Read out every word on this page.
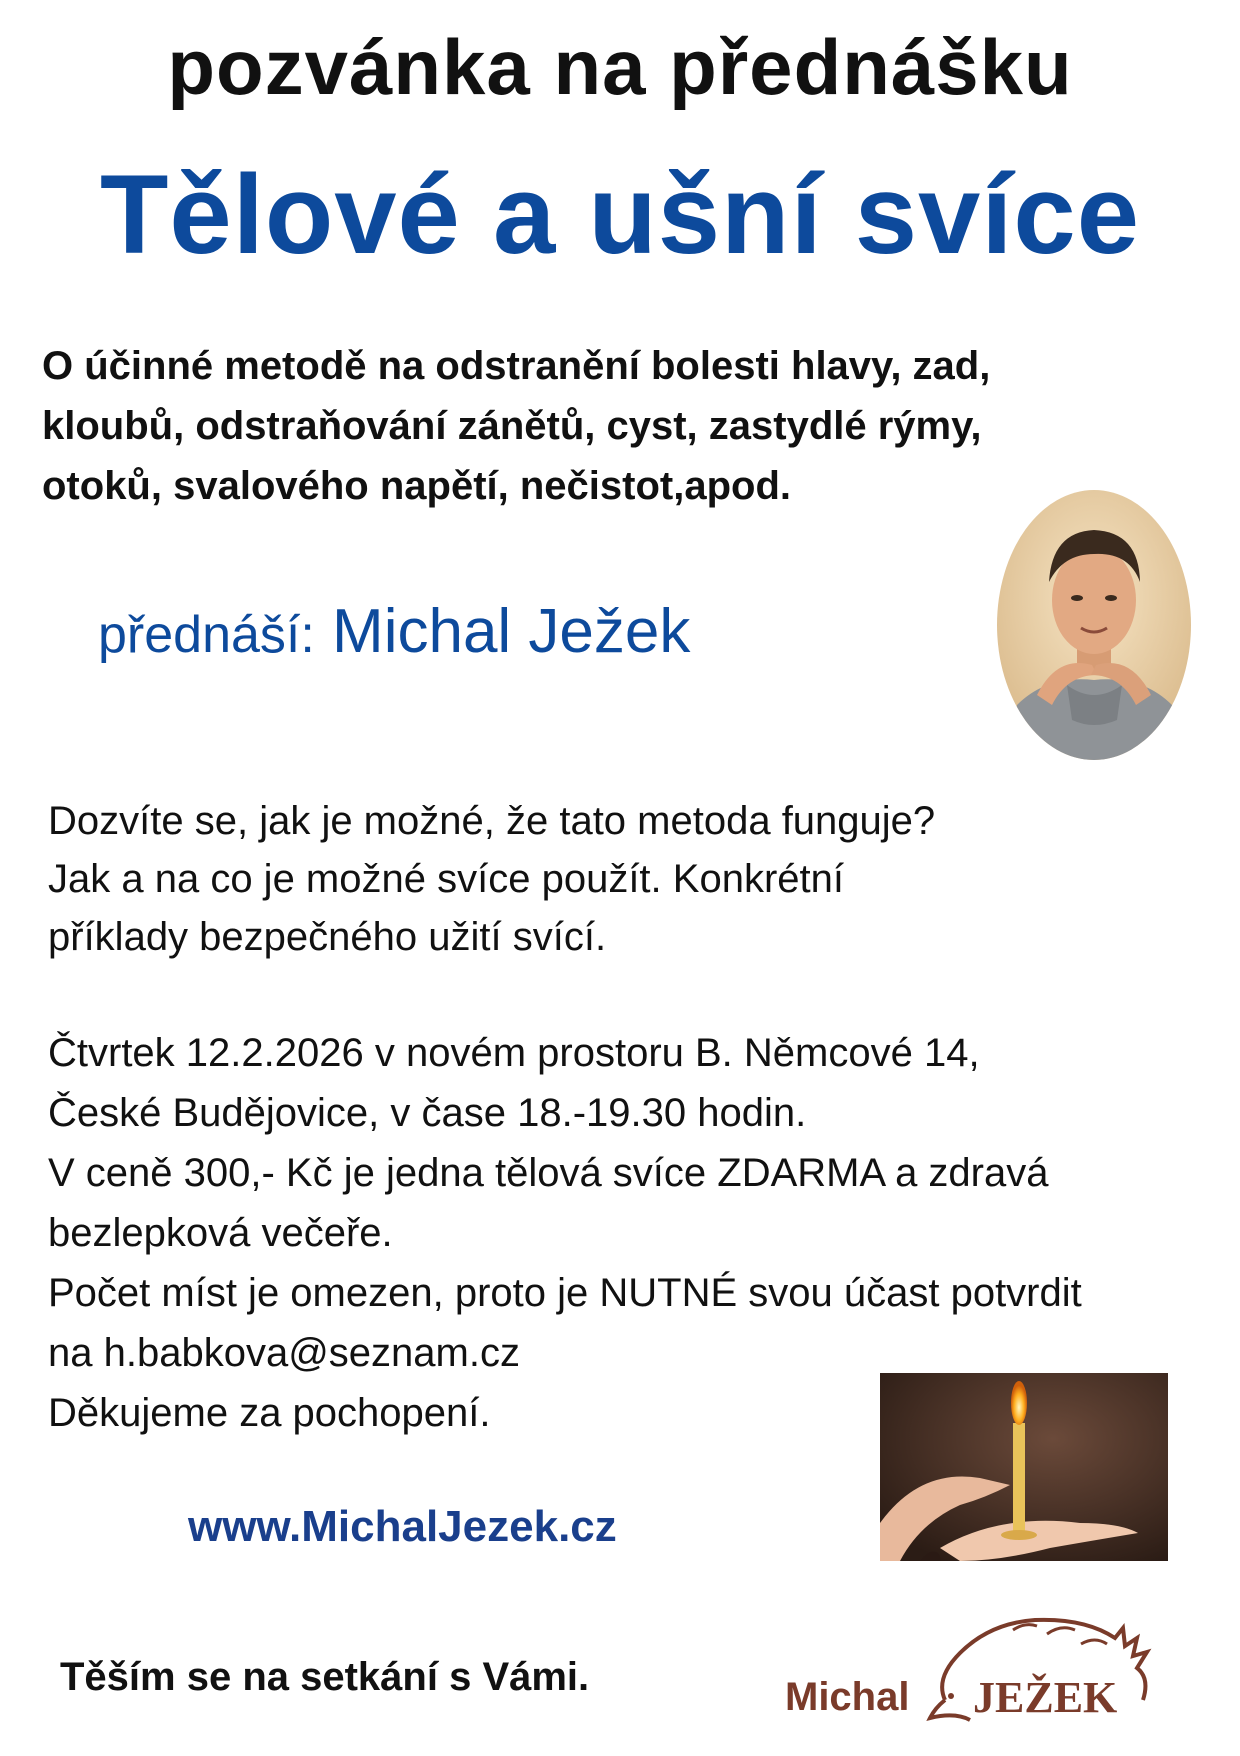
pozvánka na přednášku
Tělové a ušní svíce
O účinné metodě na odstranění bolesti hlavy, zad,
kloubů, odstraňování zánětů, cyst, zastydlé rýmy,
otoků, svalového napětí, nečistot,apod.
přednáší: Michal Ježek
Dozvíte se, jak je možné, že tato metoda funguje?
Jak a na co je možné svíce použít. Konkrétní
příklady bezpečného užití svící.
Čtvrtek 12.2.2026 v novém prostoru B. Němcové 14,
České Budějovice, v čase 18.-19.30 hodin.
V ceně 300,- Kč je jedna tělová svíce ZDARMA a zdravá
bezlepková večeře.
Počet míst je omezen, proto je NUTNÉ svou účast potvrdit
na h.babkova@seznam.cz
Děkujeme za pochopení.
www.MichalJezek.cz
Těším se na setkání s Vámi.	Michal JEŽEK
